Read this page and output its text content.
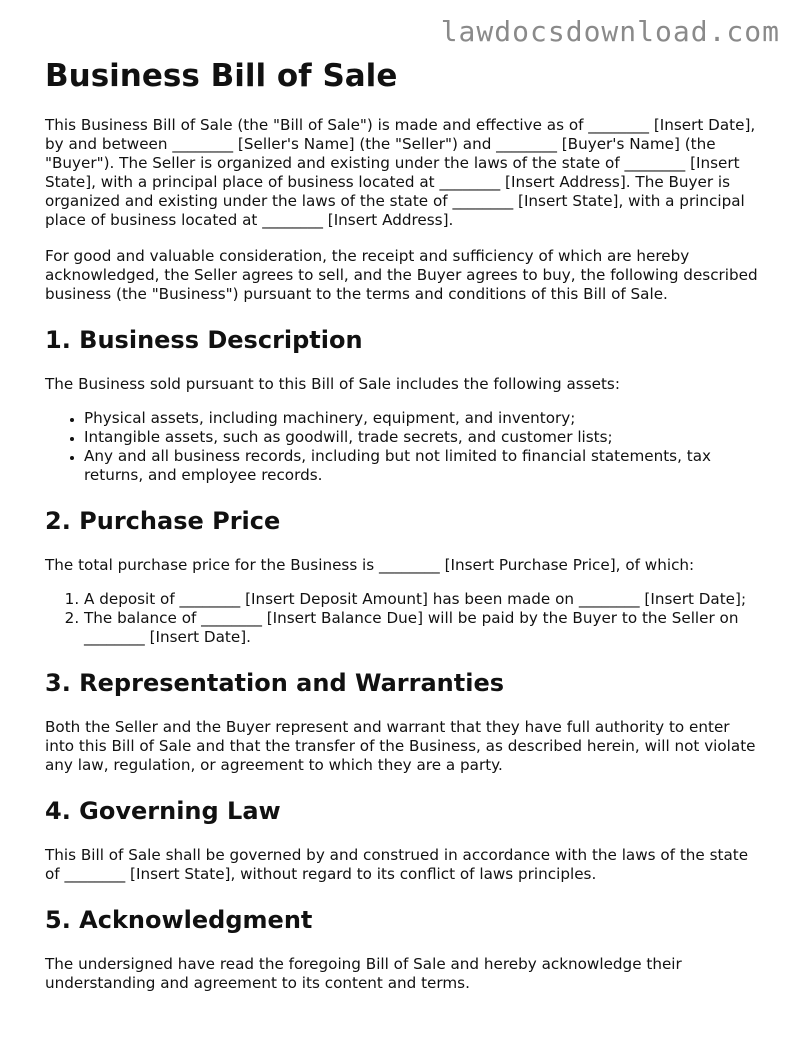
lawdocsdownload.com

Business Bill of Sale

This Business Bill of Sale (the "Bill of Sale") is made and effective as of ________ [Insert Date], by and between ________ [Seller's Name] (the "Seller") and ________ [Buyer's Name] (the "Buyer"). The Seller is organized and existing under the laws of the state of ________ [Insert State], with a principal place of business located at ________ [Insert Address]. The Buyer is organized and existing under the laws of the state of ________ [Insert State], with a principal place of business located at ________ [Insert Address].

For good and valuable consideration, the receipt and sufficiency of which are hereby acknowledged, the Seller agrees to sell, and the Buyer agrees to buy, the following described business (the "Business") pursuant to the terms and conditions of this Bill of Sale.

1. Business Description

The Business sold pursuant to this Bill of Sale includes the following assets:

• Physical assets, including machinery, equipment, and inventory;
• Intangible assets, such as goodwill, trade secrets, and customer lists;
• Any and all business records, including but not limited to financial statements, tax returns, and employee records.
2. Purchase Price

The total purchase price for the Business is ________ [Insert Purchase Price], of which:

1. A deposit of ________ [Insert Deposit Amount] has been made on ________ [Insert Date];
2. The balance of ________ [Insert Balance Due] will be paid by the Buyer to the Seller on ________ [Insert Date].
3. Representation and Warranties

Both the Seller and the Buyer represent and warrant that they have full authority to enter into this Bill of Sale and that the transfer of the Business, as described herein, will not violate any law, regulation, or agreement to which they are a party.

4. Governing Law

This Bill of Sale shall be governed by and construed in accordance with the laws of the state of ________ [Insert State], without regard to its conflict of laws principles.

5. Acknowledgment

The undersigned have read the foregoing Bill of Sale and hereby acknowledge their understanding and agreement to its content and terms.
